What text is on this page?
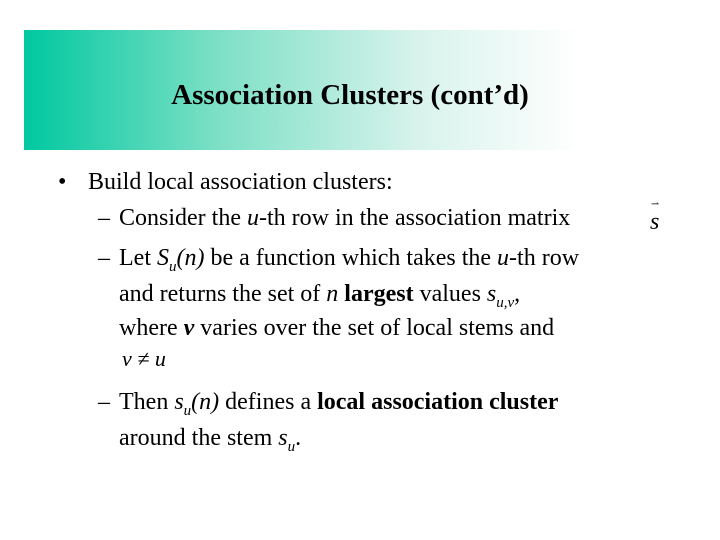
Association Clusters (cont’d)
• Build local association clusters:
– Consider the u-th row in the association matrix
– Let $S_u(n)$ be a function which takes the u-th row
and returns the set of n largest values $s_{u,v}$,
where v varies over the set of local stems and
– Then $s_u(n)$ defines a local association cluster
around the stem $s_u$.
⇀
s
v ≠ u
